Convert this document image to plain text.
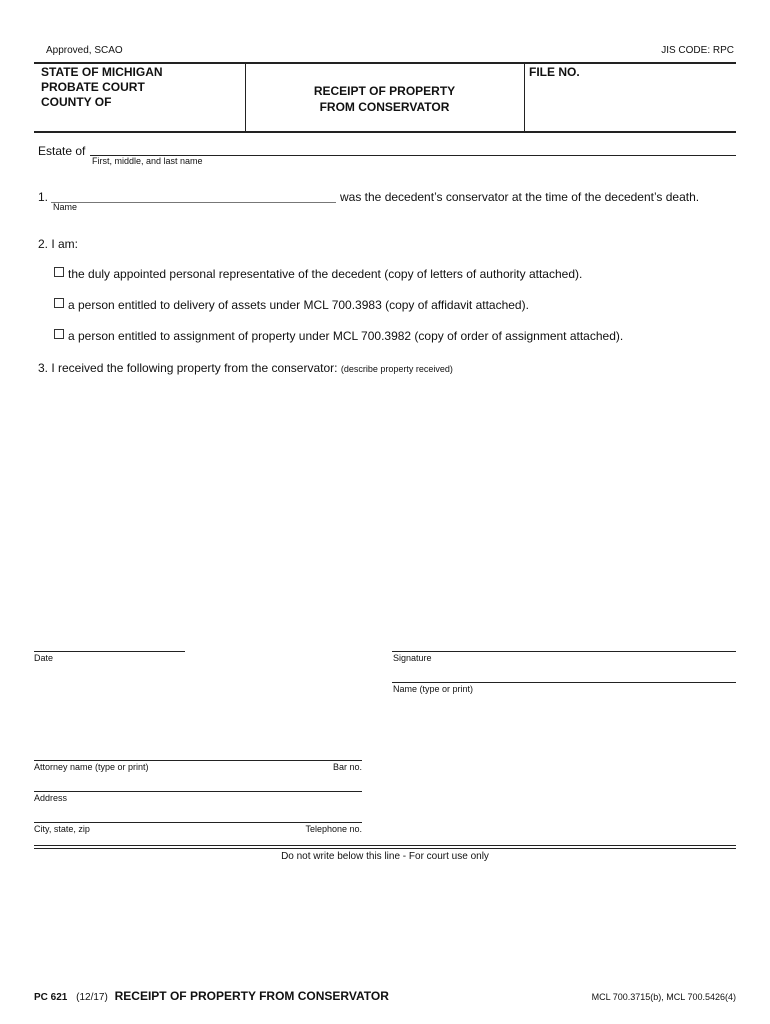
Approved, SCAO	JIS CODE: RPC
STATE OF MICHIGAN
PROBATE COURT
COUNTY OF
RECEIPT OF PROPERTY
FROM CONSERVATOR
FILE NO.
Estate of
First, middle, and last name
1.	was the decedent’s conservator at the time of the decedent’s death.
Name
2. I am:
the duly appointed personal representative of the decedent (copy of letters of authority attached).
a person entitled to delivery of assets under MCL 700.3983 (copy of affidavit attached).
a person entitled to assignment of property under MCL 700.3982 (copy of order of assignment attached).
3. I received the following property from the conservator: (describe property received)
Date	Signature
Name (type or print)
Attorney name (type or print)	Bar no.
Address
City, state, zip	Telephone no.
Do not write below this line - For court use only
PC 621 (12/17) RECEIPT OF PROPERTY FROM CONSERVATOR	MCL 700.3715(b), MCL 700.5426(4)
